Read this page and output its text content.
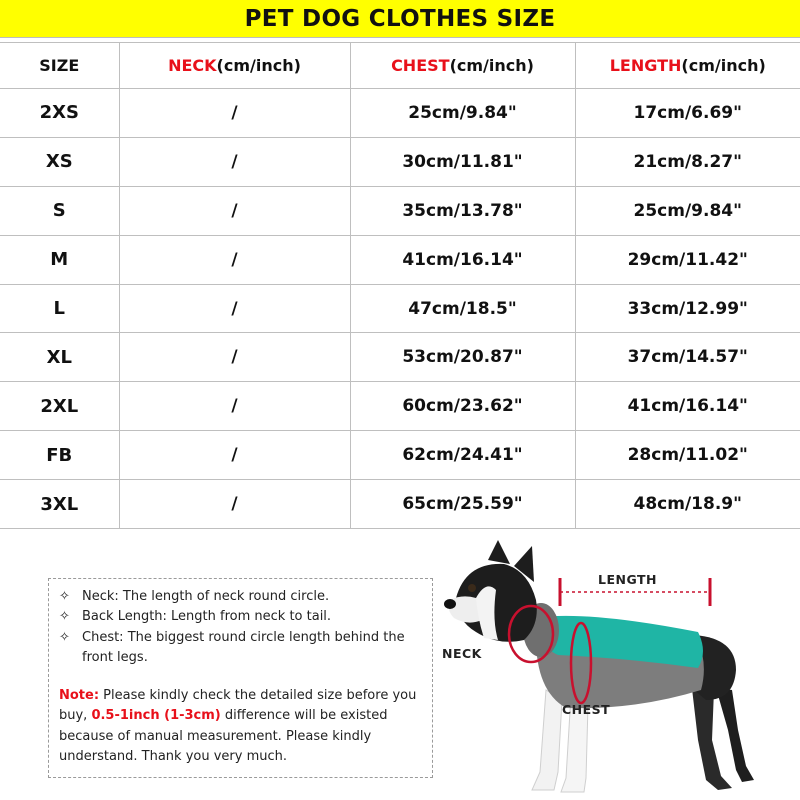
PET DOG CLOTHES SIZE
SIZE	NECK(cm/inch)	CHEST(cm/inch)	LENGTH(cm/inch)
2XS	/	25cm/9.84"	17cm/6.69"
XS	/	30cm/11.81"	21cm/8.27"
S	/	35cm/13.78"	25cm/9.84"
M	/	41cm/16.14"	29cm/11.42"
L	/	47cm/18.5"	33cm/12.99"
XL	/	53cm/20.87"	37cm/14.57"
2XL	/	60cm/23.62"	41cm/16.14"
FB	/	62cm/24.41"	28cm/11.02"
3XL	/	65cm/25.59"	48cm/18.9"
✧ Neck: The length of neck round circle.
✧ Back Length: Length from neck to tail.
✧ Chest: The biggest round circle length behind the front legs.
Note: Please kindly check the detailed size before you buy, 0.5-1inch (1-3cm) difference will be existed because of manual measurement. Please kindly understand. Thank you very much.
LENGTH
NECK
CHEST
